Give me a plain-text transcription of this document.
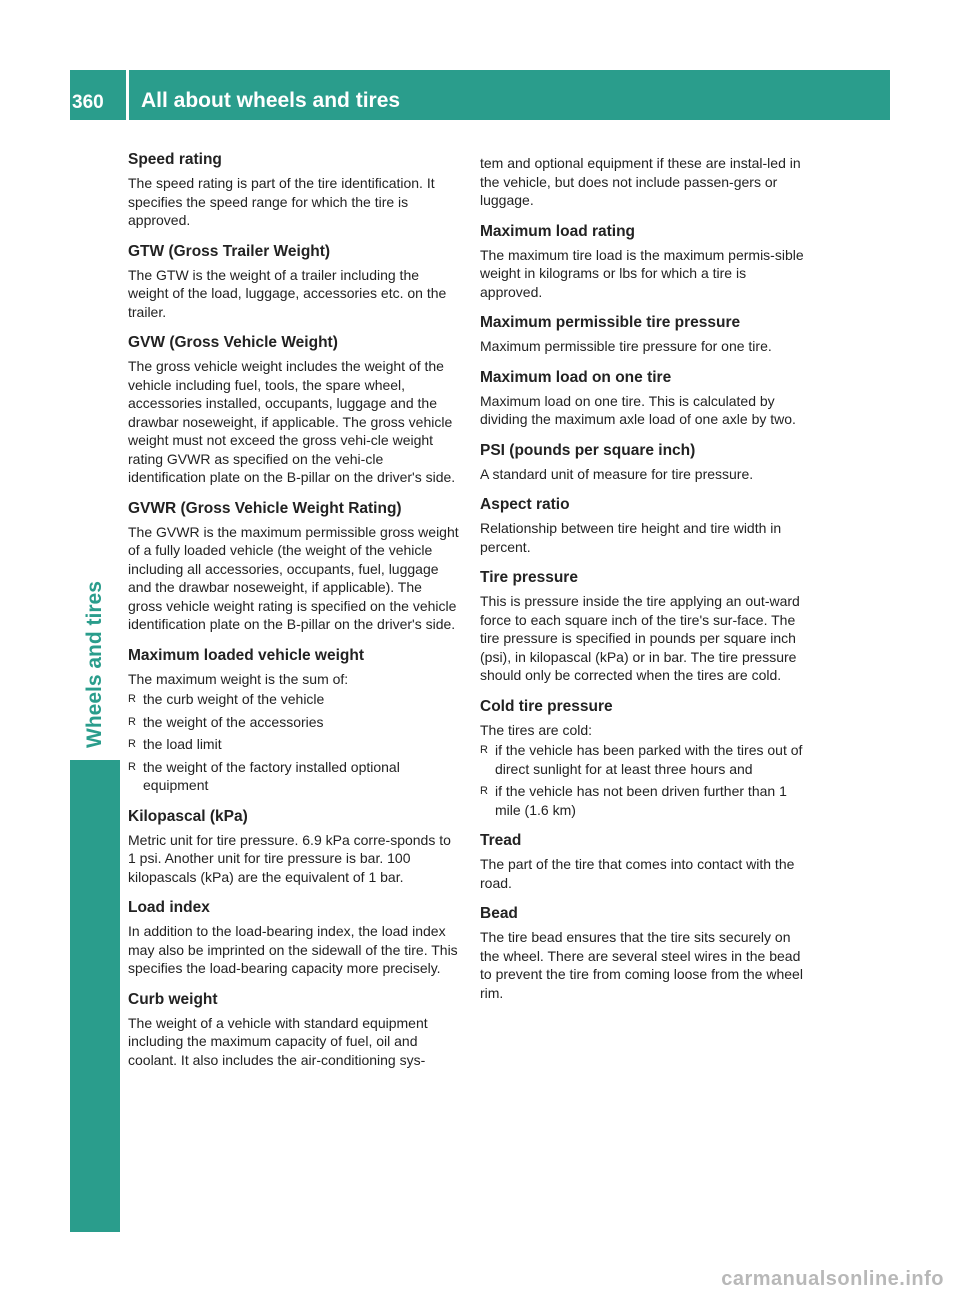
360	All about wheels and tires
Wheels and tires
Speed rating

The speed rating is part of the tire identification. It specifies the speed range for which the tire is approved.

GTW (Gross Trailer Weight)

The GTW is the weight of a trailer including the weight of the load, luggage, accessories etc. on the trailer.

GVW (Gross Vehicle Weight)

The gross vehicle weight includes the weight of the vehicle including fuel, tools, the spare wheel, accessories installed, occupants, luggage and the drawbar noseweight, if applicable. The gross vehicle weight must not exceed the gross vehi-cle weight rating GVWR as specified on the vehi-cle identification plate on the B-pillar on the driver's side.

GVWR (Gross Vehicle Weight Rating)

The GVWR is the maximum permissible gross weight of a fully loaded vehicle (the weight of the vehicle including all accessories, occupants, fuel, luggage and the drawbar noseweight, if applicable). The gross vehicle weight rating is specified on the vehicle identification plate on the B-pillar on the driver's side.

Maximum loaded vehicle weight

The maximum weight is the sum of:

R the curb weight of the vehicle
R the weight of the accessories
R the load limit
R the weight of the factory installed optional equipment
Kilopascal (kPa)

Metric unit for tire pressure. 6.9 kPa corre-sponds to 1 psi. Another unit for tire pressure is bar. 100 kilopascals (kPa) are the equivalent of 1 bar.

Load index

In addition to the load-bearing index, the load index may also be imprinted on the sidewall of the tire. This specifies the load-bearing capacity more precisely.

Curb weight

The weight of a vehicle with standard equipment including the maximum capacity of fuel, oil and coolant. It also includes the air-conditioning sys-

tem and optional equipment if these are instal-led in the vehicle, but does not include passen-gers or luggage.

Maximum load rating

The maximum tire load is the maximum permis-sible weight in kilograms or lbs for which a tire is approved.

Maximum permissible tire pressure

Maximum permissible tire pressure for one tire.

Maximum load on one tire

Maximum load on one tire. This is calculated by dividing the maximum axle load of one axle by two.

PSI (pounds per square inch)

A standard unit of measure for tire pressure.

Aspect ratio

Relationship between tire height and tire width in percent.

Tire pressure

This is pressure inside the tire applying an out-ward force to each square inch of the tire's sur-face. The tire pressure is specified in pounds per square inch (psi), in kilopascal (kPa) or in bar. The tire pressure should only be corrected when the tires are cold.

Cold tire pressure

The tires are cold:

R if the vehicle has been parked with the tires out of direct sunlight for at least three hours and
R if the vehicle has not been driven further than 1 mile (1.6 km)
Tread

The part of the tire that comes into contact with the road.

Bead

The tire bead ensures that the tire sits securely on the wheel. There are several steel wires in the bead to prevent the tire from coming loose from the wheel rim.

carmanualsonline.info
